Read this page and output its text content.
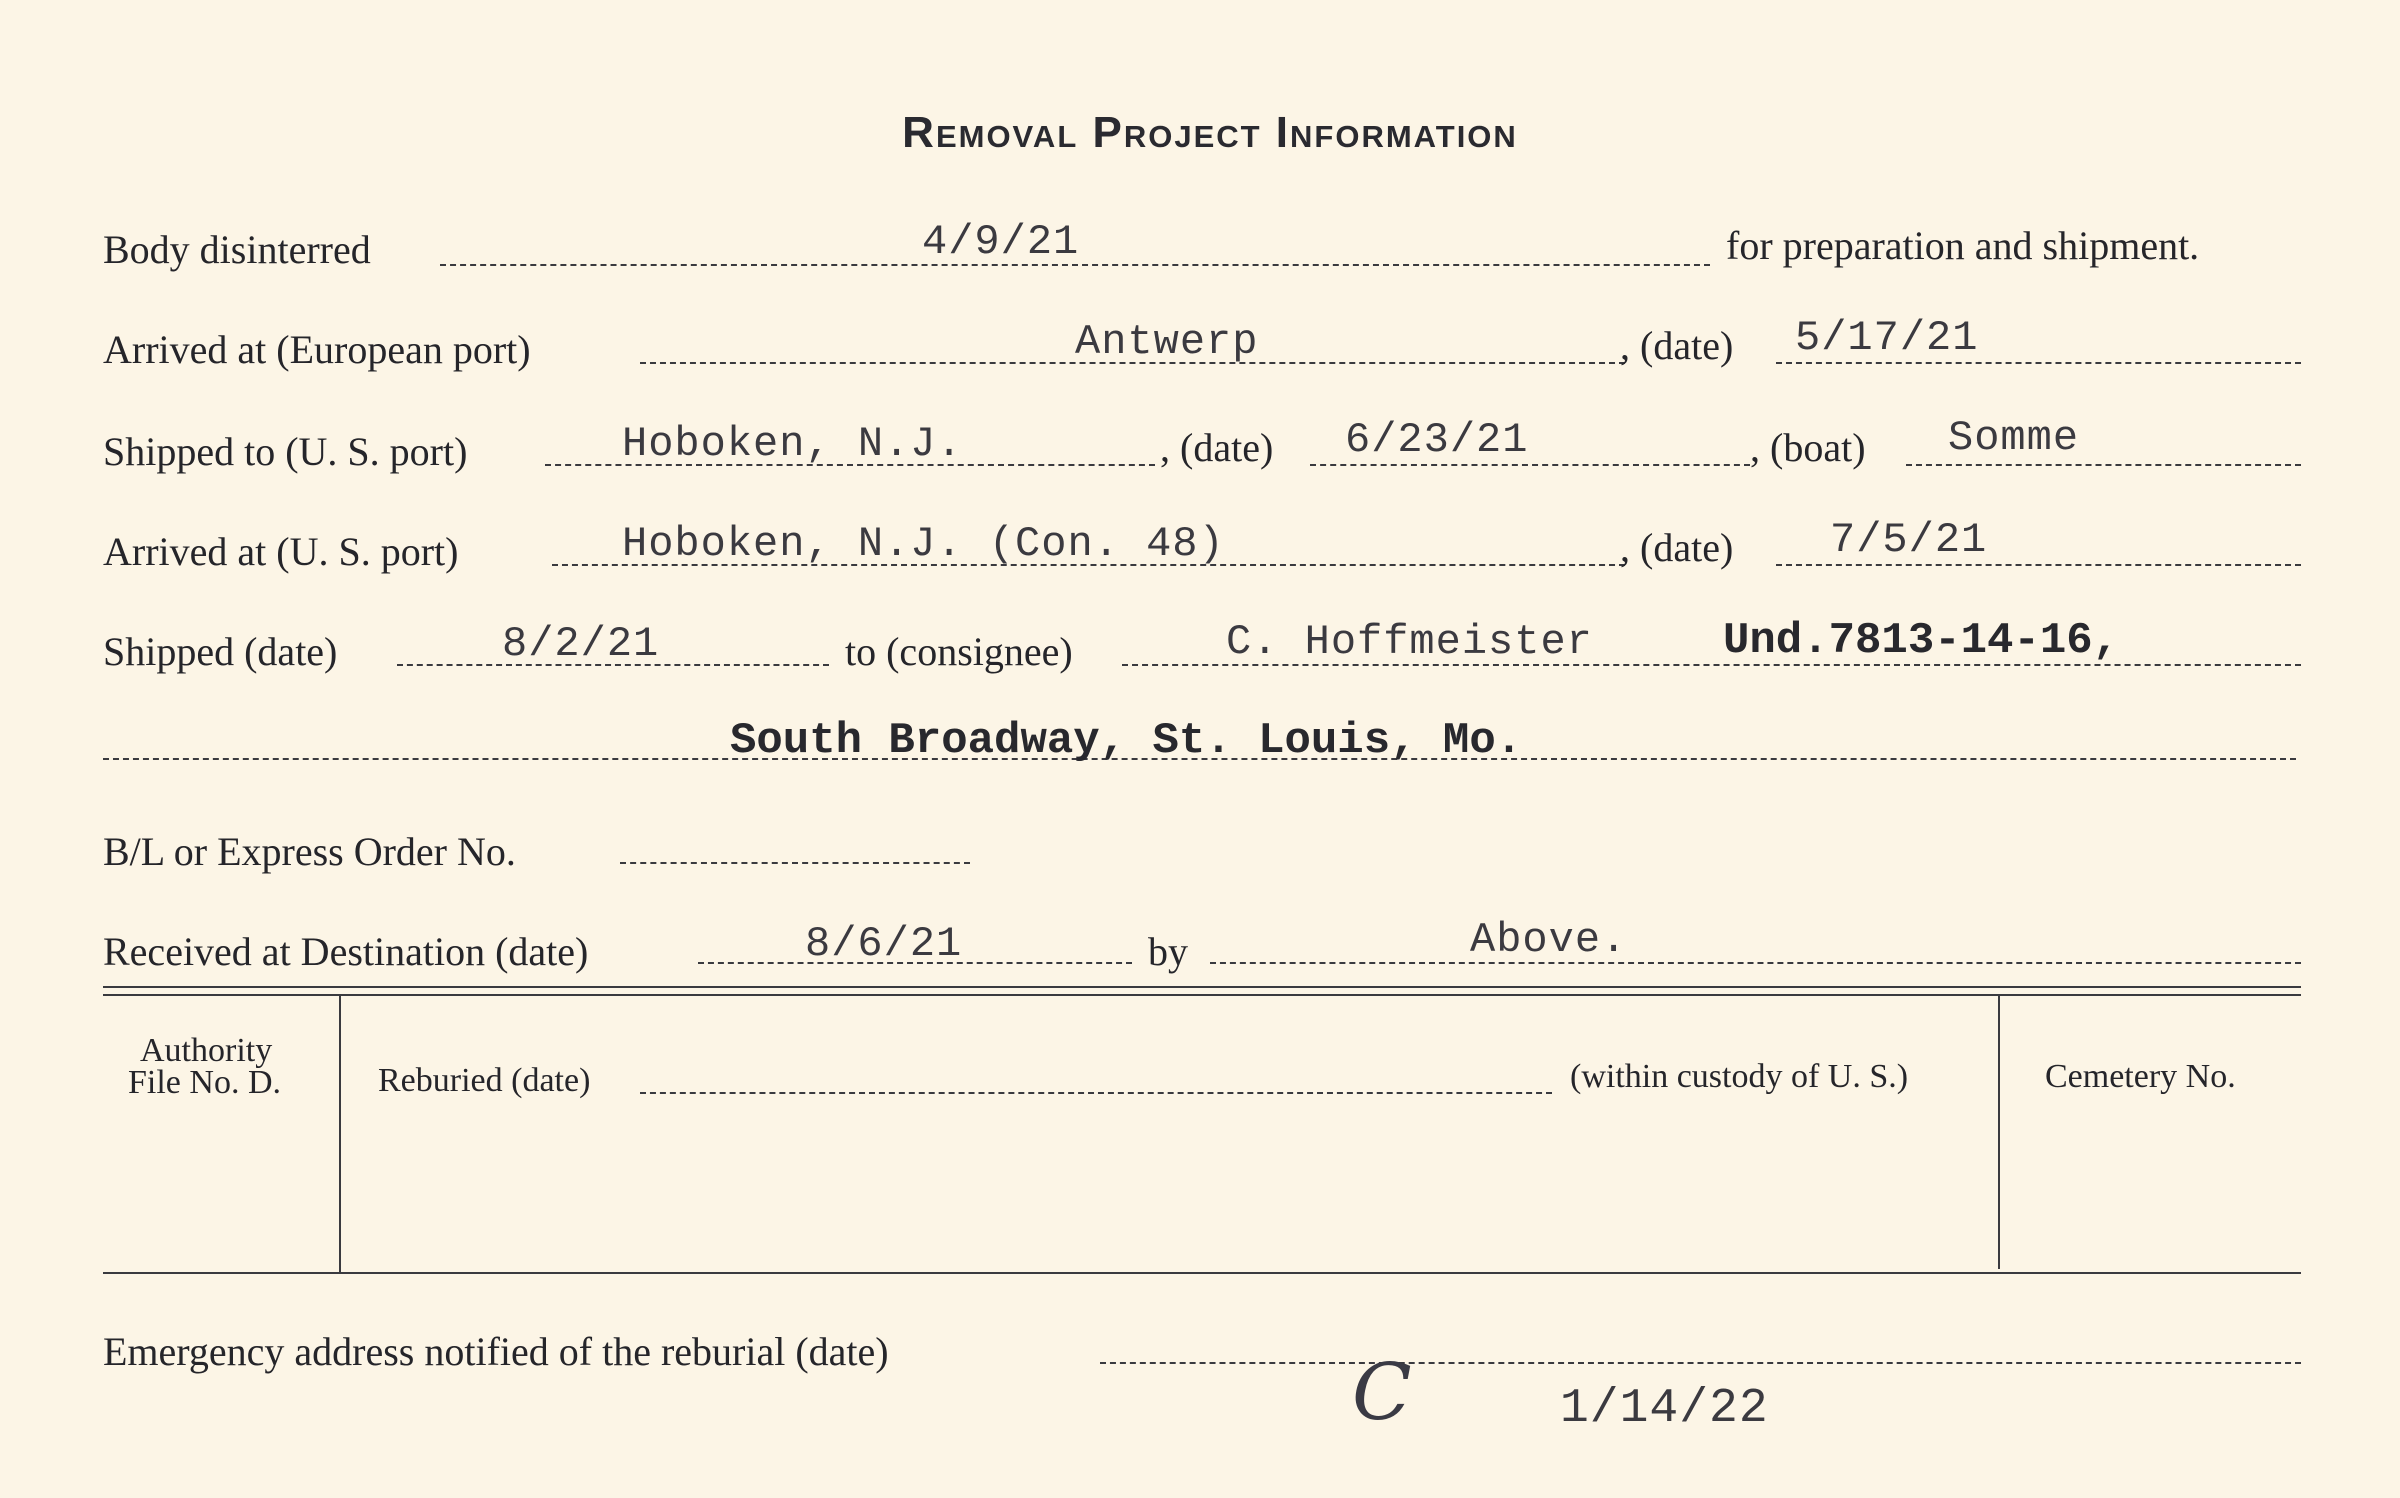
Removal Project Information
Body disinterred	4/9/21	for preparation and shipment.
Arrived at (European port)	Antwerp	, (date) 5/17/21
Shipped to (U. S. port)	Hoboken, N.J.	, (date) 6/23/21	, (boat) Somme
Arrived at (U. S. port)	Hoboken, N.J. (Con. 48)	, (date) 7/5/21
Shipped (date)	8/2/21	to (consignee)	C. Hoffmeister	Und.7813-14-16,
South Broadway, St. Louis, Mo.
B/L or Express Order No.
Received at Destination (date)	8/6/21	by	Above.
Authority
File No. D.	Reburied (date)	(within custody of U. S.)	Cemetery No.
Emergency address notified of the reburial (date)	C	1/14/22
